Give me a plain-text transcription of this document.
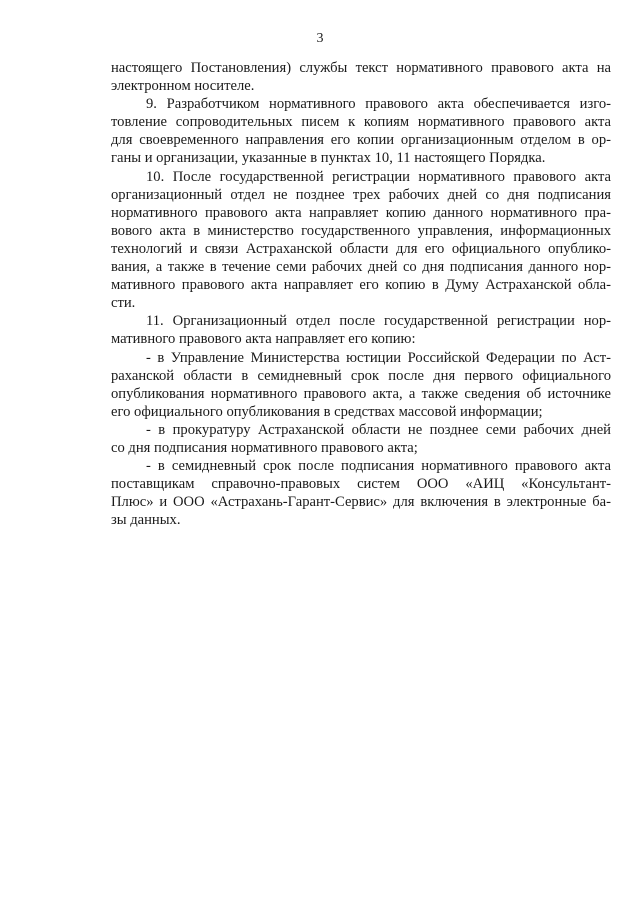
3
настоящего Постановления) службы текст нормативного правового акта на
электронном носителе.
9. Разработчиком нормативного правового акта обеспечивается изго-
товление сопроводительных писем к копиям нормативного правового акта
для своевременного направления его копии организационным отделом в ор-
ганы и организации, указанные в пунктах 10, 11 настоящего Порядка.
10. После государственной регистрации нормативного правового акта
организационный отдел не позднее трех рабочих дней со дня подписания
нормативного правового акта направляет копию данного нормативного пра-
вового акта в министерство государственного управления, информационных
технологий и связи Астраханской области для его официального опублико-
вания, а также в течение семи рабочих дней со дня подписания данного нор-
мативного правового акта направляет его копию в Думу Астраханской обла-
сти.
11. Организационный отдел после государственной регистрации нор-
мативного правового акта направляет его копию:
- в Управление Министерства юстиции Российской Федерации по Аст-
раханской области в семидневный срок после дня первого официального
опубликования нормативного правового акта, а также сведения об источнике
его официального опубликования в средствах массовой информации;
- в прокуратуру Астраханской области не позднее семи рабочих дней
со дня подписания нормативного правового акта;
- в семидневный срок после подписания нормативного правового акта
поставщикам справочно-правовых систем ООО «АИЦ «Консультант-
Плюс» и ООО «Астрахань-Гарант-Сервис» для включения в электронные ба-
зы данных.
